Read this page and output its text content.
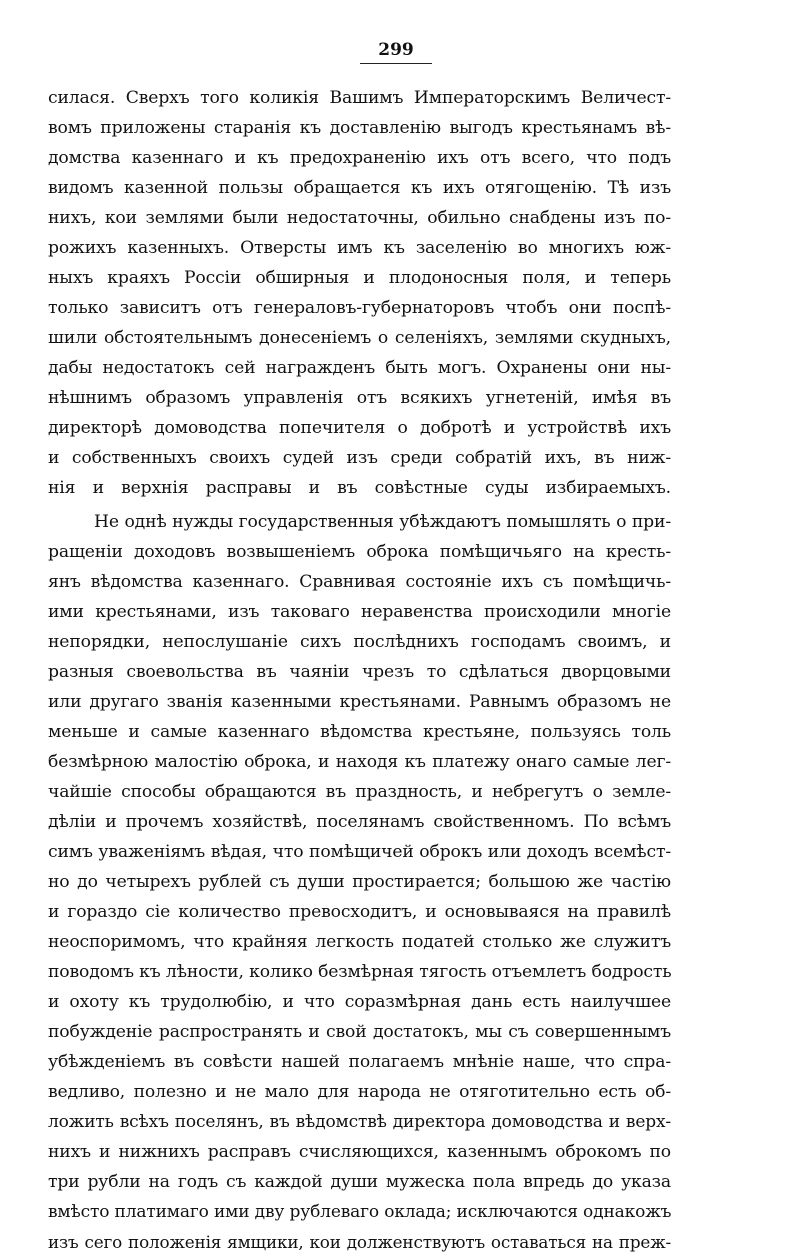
299
силася. Сверхъ того коликія Вашимъ Императорскимъ Величест-
вомъ приложены старанія къ доставленію выгодъ крестьянамъ вѣ-
домства казеннаго и къ предохраненію ихъ отъ всего, что подъ
видомъ казенной пользы обращается къ ихъ отягощенію. Тѣ изъ
нихъ, кои землями были недостаточны, обильно снабдены изъ по-
рожихъ казенныхъ. Отверсты имъ къ заселенію во многихъ юж-
ныхъ краяхъ Россіи обширныя и плодоносныя поля, и теперь
только зависитъ отъ генераловъ-губернаторовъ чтобъ они поспѣ-
шили обстоятельнымъ донесеніемъ о селеніяхъ, землями скудныхъ,
дабы недостатокъ сей награжденъ быть могъ. Охранены они ны-
нѣшнимъ образомъ управленія отъ всякихъ угнетеній, имѣя въ
директорѣ домоводства попечителя о добротѣ и устройствѣ ихъ
и собственныхъ своихъ судей изъ среди собратій ихъ, въ ниж-
нія и верхнія расправы и въ совѣстные суды избираемыхъ.
Не однѣ нужды государственныя убѣждаютъ помышлять о при-
ращеніи доходовъ возвышеніемъ оброка помѣщичьяго на кресть-
янъ вѣдомства казеннаго. Сравнивая состояніе ихъ съ помѣщичь-
ими крестьянами, изъ таковаго неравенства происходили многіе
непорядки, непослушаніе сихъ послѣднихъ господамъ своимъ, и
разныя своевольства въ чаяніи чрезъ то сдѣлаться дворцовыми
или другаго званія казенными крестьянами. Равнымъ образомъ не
меньше и самые казеннаго вѣдомства крестьяне, пользуясь толь
безмѣрною малостію оброка, и находя къ платежу онаго самые лег-
чайшіе способы обращаются въ праздность, и небрегутъ о земле-
дѣліи и прочемъ хозяйствѣ, поселянамъ свойственномъ. По всѣмъ
симъ уваженіямъ вѣдая, что помѣщичей оброкъ или доходъ всемѣст-
но до четырехъ рублей съ души простирается; большою же частію
и гораздо сіе количество превосходитъ, и основываяся на правилѣ
неоспоримомъ, что крайняя легкость податей столько же служитъ
поводомъ къ лѣности, колико безмѣрная тягость отъемлетъ бодрость
и охоту къ трудолюбію, и что соразмѣрная дань есть наилучшее
побужденіе распространять и свой достатокъ, мы съ совершеннымъ
убѣжденіемъ въ совѣсти нашей полагаемъ мнѣніе наше, что спра-
ведливо, полезно и не мало для народа не отяготительно есть об-
ложить всѣхъ поселянъ, въ вѣдомствѣ директора домоводства и верх-
нихъ и нижнихъ расправъ счисляющихся, казеннымъ оброкомъ по
три рубли на годъ съ каждой души мужеска пола впредь до указа
вмѣсто платимаго ими дву рублеваго оклада; исключаются однакожъ
изъ сего положенія ямщики, кои долженствуютъ оставаться на преж-
